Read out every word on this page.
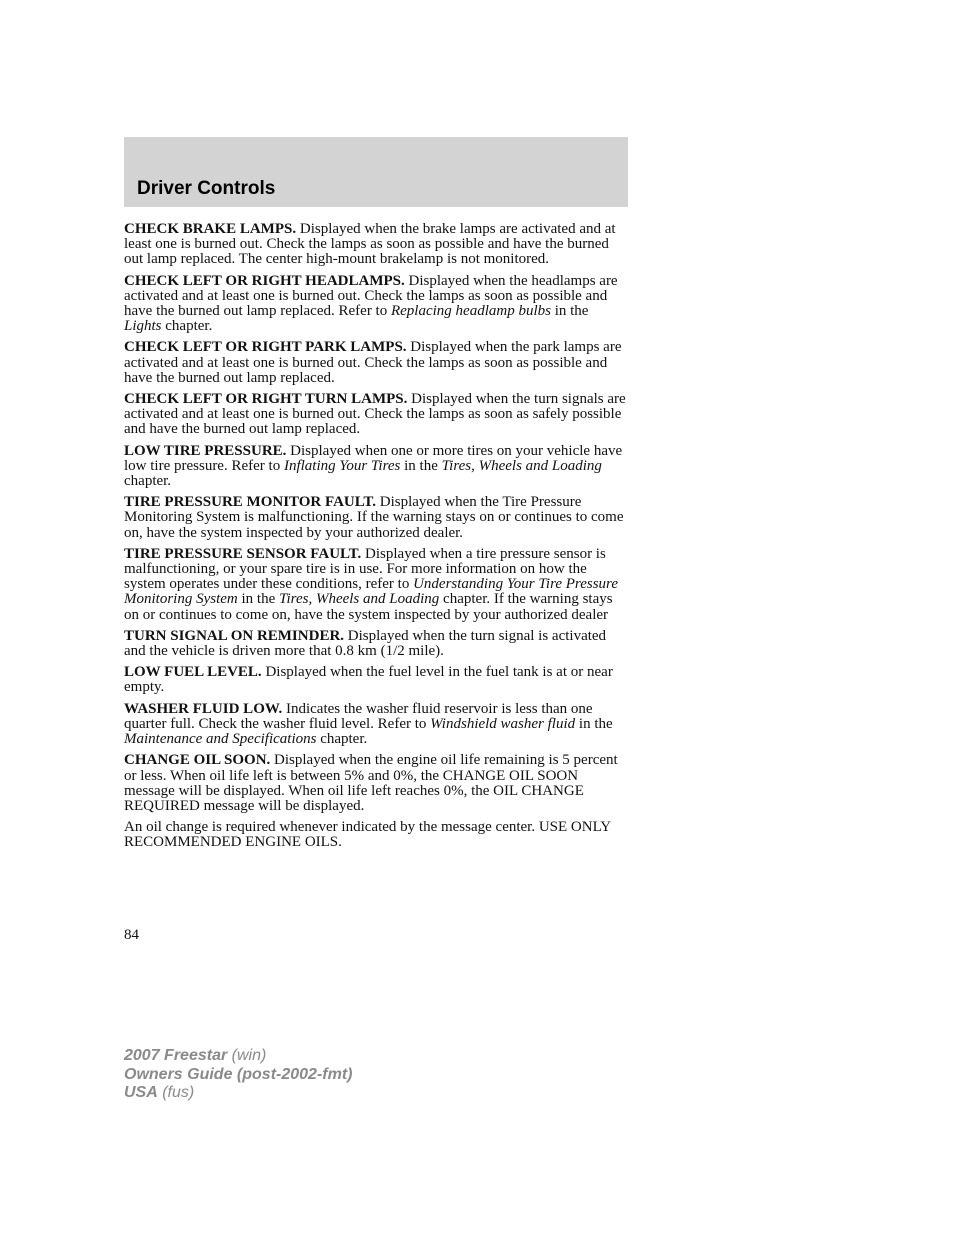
Driver Controls

CHECK BRAKE LAMPS. Displayed when the brake lamps are activated and at least one is burned out. Check the lamps as soon as possible and have the burned out lamp replaced. The center high-mount brakelamp is not monitored.

CHECK LEFT OR RIGHT HEADLAMPS. Displayed when the headlamps are activated and at least one is burned out. Check the lamps as soon as possible and have the burned out lamp replaced. Refer to Replacing headlamp bulbs in the Lights chapter.

CHECK LEFT OR RIGHT PARK LAMPS. Displayed when the park lamps are activated and at least one is burned out. Check the lamps as soon as possible and have the burned out lamp replaced.

CHECK LEFT OR RIGHT TURN LAMPS. Displayed when the turn signals are activated and at least one is burned out. Check the lamps as soon as safely possible and have the burned out lamp replaced.

LOW TIRE PRESSURE. Displayed when one or more tires on your vehicle have low tire pressure. Refer to Inflating Your Tires in the Tires, Wheels and Loading chapter.

TIRE PRESSURE MONITOR FAULT. Displayed when the Tire Pressure Monitoring System is malfunctioning. If the warning stays on or continues to come on, have the system inspected by your authorized dealer.

TIRE PRESSURE SENSOR FAULT. Displayed when a tire pressure sensor is malfunctioning, or your spare tire is in use. For more information on how the system operates under these conditions, refer to Understanding Your Tire Pressure Monitoring System in the Tires, Wheels and Loading chapter. If the warning stays on or continues to come on, have the system inspected by your authorized dealer

TURN SIGNAL ON REMINDER. Displayed when the turn signal is activated and the vehicle is driven more that 0.8 km (1/2 mile).

LOW FUEL LEVEL. Displayed when the fuel level in the fuel tank is at or near empty.

WASHER FLUID LOW. Indicates the washer fluid reservoir is less than one quarter full. Check the washer fluid level. Refer to Windshield washer fluid in the Maintenance and Specifications chapter.

CHANGE OIL SOON. Displayed when the engine oil life remaining is 5 percent or less. When oil life left is between 5% and 0%, the CHANGE OIL SOON message will be displayed. When oil life left reaches 0%, the OIL CHANGE REQUIRED message will be displayed.

An oil change is required whenever indicated by the message center. USE ONLY RECOMMENDED ENGINE OILS.

84
2007 Freestar (win)
Owners Guide (post-2002-fmt)
USA (fus)
